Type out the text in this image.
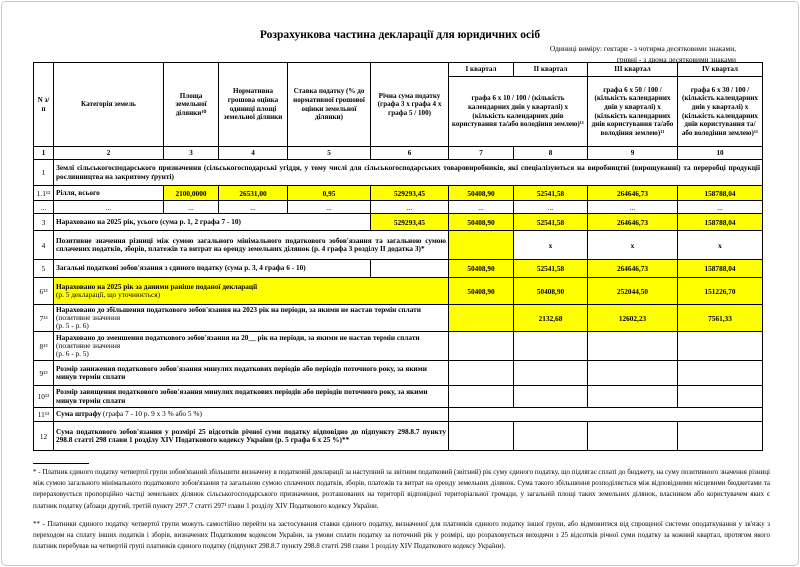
Розрахункова частина декларації для юридичних осіб
Одиниці виміру: гектари - з чотирма десятковими знаками,
гривні - з двома десятковими знаками
N з/п	Категорія земель	Площа земельної ділянки¹⁰	Нормативна грошова оцінка одиниці площі земельної ділянки	Ставка податку (% до нормативної грошової оцінки земельної ділянки)	Річна сума податку (графа 3 х графа 4 х графа 5 / 100)	I квартал	II квартал	III квартал	IV квартал
						графа 6 х 10 / 100 / (кількість календарних днів у кварталі) х (кількість календарних днів користування та/або володіння землею)¹¹		графа 6 х 50 / 100 / (кількість календарних днів у кварталі) х (кількість календарних днів користування та/або володіння землею)¹¹	графа 6 х 30 / 100 / (кількість календарних днів у кварталі) х (кількість календарних днів користування та/або володіння землею)¹¹
1	2	3	4	5	6	7	8	9	10
1	Землі сільськогосподарського призначення (сільськогосподарські угіддя, у тому числі для сільськогосподарських товаровиробників, які спеціалізуються на виробництві (вирощуванні) та переробці продукції рослинництва на закритому ґрунті)								
1.1¹²	Рілля, всього	2100,0000	26531,00	0,95	529293,45	50408,90	52541,58	264646,73	158788,04
...	...	...	...	...	...	...	...	...	...
3	Нараховано на 2025 рік, усього (сума р. 1, 2 графа 7 - 10)				529293,45	50408,90	52541,58	264646,73	158788,04
4	Позитивне значення різниці між сумою загального мінімального податкового зобов'язання та загальною сумою сплачених податків, зборів, платежів та витрат на оренду земельних ділянок (р. 4 графа 3 розділу II додатка 3)*						х	х	х
5	Загальні податкові зобов'язання з єдиного податку (сума р. 3, 4 графа 6 - 10)					50408,90	52541,58	264646,73	158788,04
6¹³	Нараховано на 2025 рік за даними раніше поданої декларації
(р. 5 декларації, що уточнюється)					50408,90	50408,90	252044,50	151226,70
7¹³	Нараховано до збільшення податкового зобов'язання на 2023 рік на періоди, за якими не настав термін сплати
(позитивне значення
(р. 5 - р. 6)						2132,68	12602,23	7561,33
8¹³	Нараховано до зменшення податкового зобов'язання на 20__ рік на періоди, за якими не настав термін сплати
(позитивне значення
(р. 6 - р. 5)								

9¹³	Розмір заниження податкового зобов'язання минулих податкових періодів або періодів поточного року, за якими минув термін сплати								
10¹³	Розмір завищення податкового зобов'язання минулих податкових періодів або періодів поточного року, за якими минув термін сплати								
11¹³	Сума штрафу (графа 7 - 10 р. 9 х 3 % або 5 %)								
12	Сума податкового зобов'язання у розмірі 25 відсотків річної суми податку відповідно до підпункту 298.8.7 пункту 298.8 статті 298 глави 1 розділу XIV Податкового кодексу України (р. 5 графа 6 х 25 %)**								
* - Платник єдиного податку четвертої групи зобов'язаний збільшити визначену в податковій декларації за наступний за звітним податковий (звітний) рік суму єдиного податку, що підлягає сплаті до бюджету, на суму позитивного значення різниці між сумою загального мінімального податкового зобов'язання та загальною сумою сплачених податків, зборів, платежів та витрат на оренду земельних ділянок. Сума такого збільшення розподіляється між відповідними місцевими бюджетами та перераховується пропорційно частці земельних ділянок сільськогосподарського призначення, розташованих на території відповідної територіальної громади, у загальній площі таких земельних ділянок, власником або користувачем яких є платник податку (абзаци другий, третій пункту 297¹.7 статті 297¹ глави 1 розділу XIV Податкового кодексу України.
** - Платники єдиного податку четвертої групи можуть самостійно перейти на застосування ставки єдиного податку, визначеної для платників єдиного податку іншої групи, або відмовитися від спрощеної системи оподаткування у зв'язку з переходом на сплату інших податків і зборів, визначених Податковим кодексом України, за умови сплати податку за поточний рік у розмірі, що розраховується виходячи з 25 відсотків річної суми податку за кожний квартал, протягом якого платник перебував на четвертій групі платників єдиного податку (підпункт 298.8.7 пункту 298.8 статті 298 глави 1 розділу XIV Податкового кодексу України).
